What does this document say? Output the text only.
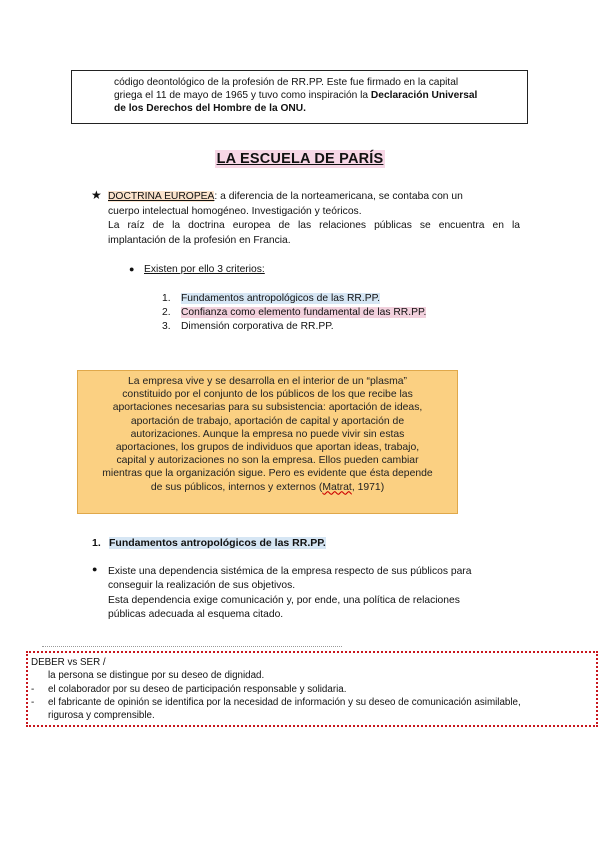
código deontológico de la profesión de RR.PP. Este fue firmado en la capital
griega el 11 de mayo de 1965 y tuvo como inspiración la Declaración Universal
de los Derechos del Hombre de la ONU.
LA ESCUELA DE PARÍS
★ DOCTRINA EUROPEA: a diferencia de la norteamericana, se contaba con un
cuerpo intelectual homogéneo. Investigación y teóricos.
La raíz de la doctrina europea de las relaciones públicas se encuentra en la
implantación de la profesión en Francia.
● Existen por ello 3 criterios:
1. Fundamentos antropológicos de las RR.PP.
2. Confianza como elemento fundamental de las RR.PP.
3. Dimensión corporativa de RR.PP.
La empresa vive y se desarrolla en el interior de un “plasma”
constituido por el conjunto de los públicos de los que recibe las
aportaciones necesarias para su subsistencia: aportación de ideas,
aportación de trabajo, aportación de capital y aportación de
autorizaciones. Aunque la empresa no puede vivir sin estas
aportaciones, los grupos de individuos que aportan ideas, trabajo,
capital y autorizaciones no son la empresa. Ellos pueden cambiar
mientras que la organización sigue. Pero es evidente que ésta depende
de sus públicos, internos y externos (Matrat, 1971)
1. Fundamentos antropológicos de las RR.PP.
● Existe una dependencia sistémica de la empresa respecto de sus públicos para
conseguir la realización de sus objetivos.
Esta dependencia exige comunicación y, por ende, una política de relaciones
públicas adecuada al esquema citado.
DEBER vs SER /
la persona se distingue por su deseo de dignidad.
- el colaborador por su deseo de participación responsable y solidaria.
- el fabricante de opinión se identifica por la necesidad de información y su deseo de comunicación asimilable,
rigurosa y comprensible.
